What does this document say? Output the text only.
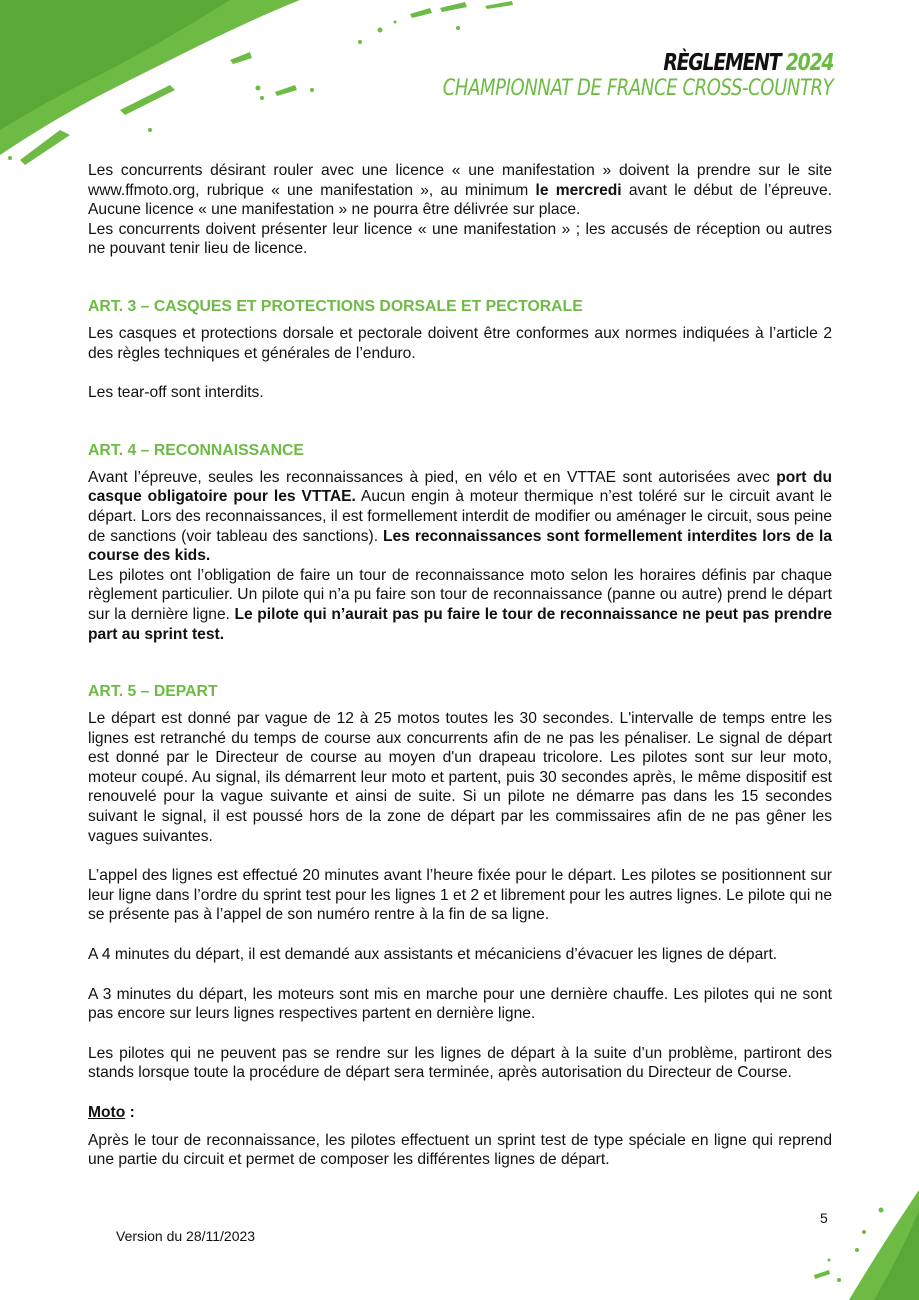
RÈGLEMENT 2024
CHAMPIONNAT DE FRANCE CROSS-COUNTRY

Les concurrents désirant rouler avec une licence « une manifestation » doivent la prendre sur le site www.ffmoto.org, rubrique « une manifestation », au minimum le mercredi avant le début de l’épreuve. Aucune licence « une manifestation » ne pourra être délivrée sur place.

Les concurrents doivent présenter leur licence « une manifestation » ; les accusés de réception ou autres ne pouvant tenir lieu de licence.

ART. 3 – CASQUES ET PROTECTIONS DORSALE ET PECTORALE

Les casques et protections dorsale et pectorale doivent être conformes aux normes indiquées à l’article 2 des règles techniques et générales de l’enduro.

Les tear-off sont interdits.

ART. 4 – RECONNAISSANCE

Avant l’épreuve, seules les reconnaissances à pied, en vélo et en VTTAE sont autorisées avec port du casque obligatoire pour les VTTAE. Aucun engin à moteur thermique n’est toléré sur le circuit avant le départ. Lors des reconnaissances, il est formellement interdit de modifier ou aménager le circuit, sous peine de sanctions (voir tableau des sanctions). Les reconnaissances sont formellement interdites lors de la course des kids.

Les pilotes ont l’obligation de faire un tour de reconnaissance moto selon les horaires définis par chaque règlement particulier. Un pilote qui n’a pu faire son tour de reconnaissance (panne ou autre) prend le départ sur la dernière ligne. Le pilote qui n’aurait pas pu faire le tour de reconnaissance ne peut pas prendre part au sprint test.

ART. 5 – DEPART

Le départ est donné par vague de 12 à 25 motos toutes les 30 secondes. L'intervalle de temps entre les lignes est retranché du temps de course aux concurrents afin de ne pas les pénaliser. Le signal de départ est donné par le Directeur de course au moyen d'un drapeau tricolore. Les pilotes sont sur leur moto, moteur coupé. Au signal, ils démarrent leur moto et partent, puis 30 secondes après, le même dispositif est renouvelé pour la vague suivante et ainsi de suite. Si un pilote ne démarre pas dans les 15 secondes suivant le signal, il est poussé hors de la zone de départ par les commissaires afin de ne pas gêner les vagues suivantes.

L’appel des lignes est effectué 20 minutes avant l’heure fixée pour le départ. Les pilotes se positionnent sur leur ligne dans l’ordre du sprint test pour les lignes 1 et 2 et librement pour les autres lignes. Le pilote qui ne se présente pas à l’appel de son numéro rentre à la fin de sa ligne.

A 4 minutes du départ, il est demandé aux assistants et mécaniciens d’évacuer les lignes de départ.

A 3 minutes du départ, les moteurs sont mis en marche pour une dernière chauffe. Les pilotes qui ne sont pas encore sur leurs lignes respectives partent en dernière ligne.

Les pilotes qui ne peuvent pas se rendre sur les lignes de départ à la suite d’un problème, partiront des stands lorsque toute la procédure de départ sera terminée, après autorisation du Directeur de Course.

Moto :

Après le tour de reconnaissance, les pilotes effectuent un sprint test de type spéciale en ligne qui reprend une partie du circuit et permet de composer les différentes lignes de départ.

Version du 28/11/2023
5
